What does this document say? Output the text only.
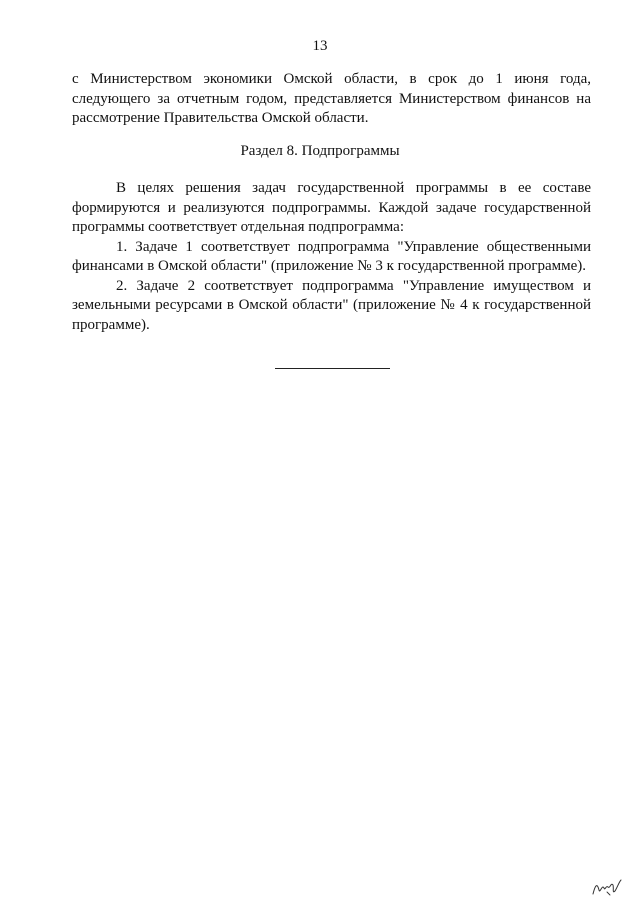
13

с Министерством экономики Омской области, в срок до 1 июня года, следующего за отчетным годом, представляется Министерством финансов на рассмотрение Правительства Омской области.

Раздел 8. Подпрограммы

В целях решения задач государственной программы в ее составе формируются и реализуются подпрограммы. Каждой задаче государственной программы соответствует отдельная подпрограмма:

1. Задаче 1 соответствует подпрограмма "Управление общественными финансами в Омской области" (приложение № 3 к государственной программе).

2. Задаче 2 соответствует подпрограмма "Управление имуществом и земельными ресурсами в Омской области" (приложение № 4 к государственной программе).
